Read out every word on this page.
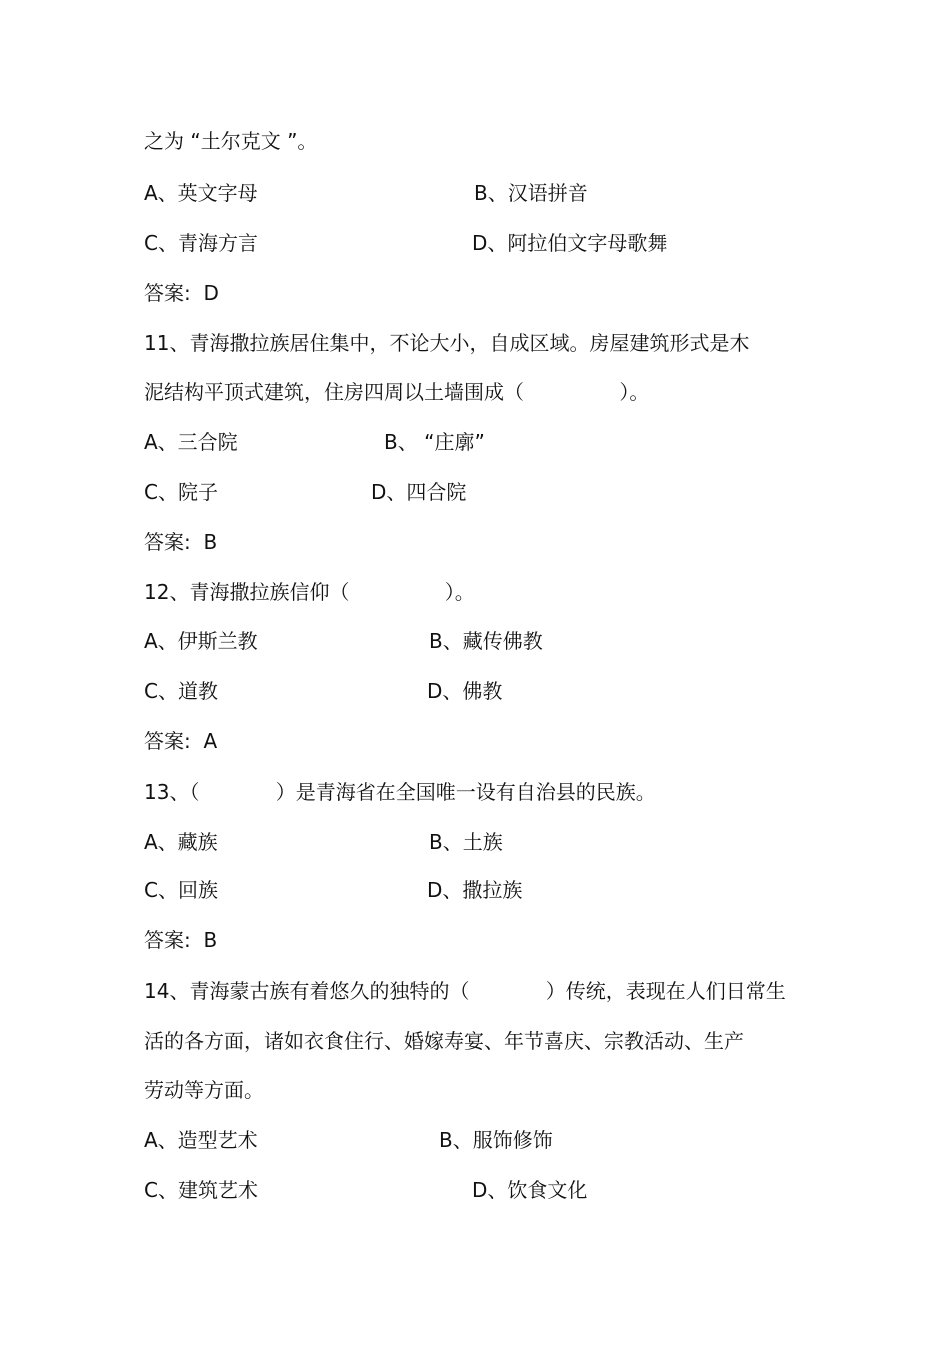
之为 “土尔克文 ”。
A、英文字母	B、汉语拼音
C、青海方言	D、阿拉伯文字母歌舞
答案:  D
11、青海撒拉族居住集中，不论大小，自成区域。房屋建筑形式是木
泥结构平顶式建筑，住房四周以土墙围成（               ）。
A、三合院	B、 “庄廓”
C、院子	D、四合院
答案:  B
12、青海撒拉族信仰（               ）。
A、伊斯兰教	B、藏传佛教
C、道教	D、佛教
答案:  A
13、（            ）是青海省在全国唯一设有自治县的民族。
A、藏族	B、土族
C、回族	D、撒拉族
答案:  B
14、青海蒙古族有着悠久的独特的（            ）传统，表现在人们日常生
活的各方面，诸如衣食住行、婚嫁寿宴、年节喜庆、宗教活动、生产
劳动等方面。
A、造型艺术	B、服饰修饰
C、建筑艺术	D、饮食文化
